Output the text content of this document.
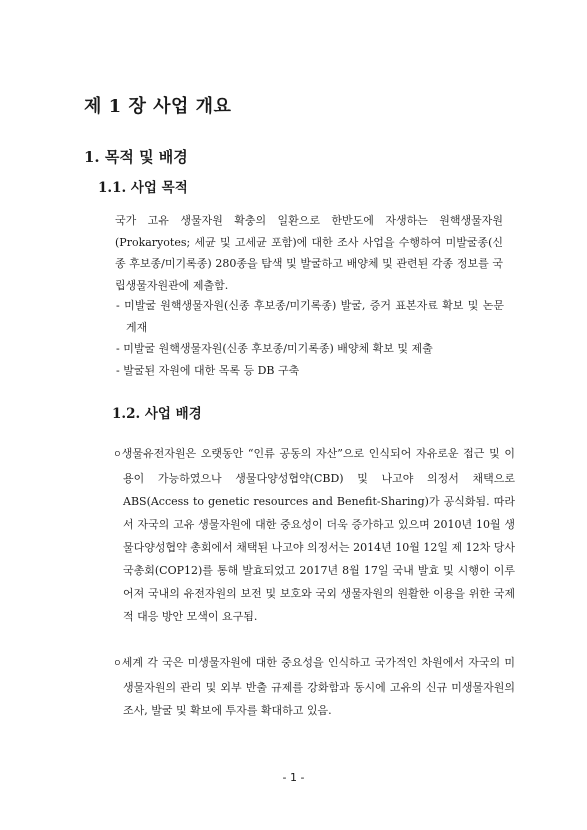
제 1 장 사업 개요
1. 목적 및 배경
1.1. 사업 목적

국가 고유 생물자원 확충의 일환으로 한반도에 자생하는 원핵생물자원(Prokaryotes; 세균 및 고세균 포함)에 대한 조사 사업을 수행하여 미발굴종(신종 후보종/미기록종) 280종을 탐색 및 발굴하고 배양체 및 관련된 각종 정보를 국립생물자원관에 제출함.

- 미발굴 원핵생물자원(신종 후보종/미기록종) 발굴, 증거 표본자료 확보 및 논문 게재
- 미발굴 원핵생물자원(신종 후보종/미기록종) 배양체 확보 및 제출
- 발굴된 자원에 대한 목록 등 DB 구축
1.2. 사업 배경

ㅇ생물유전자원은 오랫동안 “인류 공동의 자산”으로 인식되어 자유로운 접근 및 이용이 가능하였으나 생물다양성협약(CBD) 및 나고야 의정서 채택으로 ABS(Access to genetic resources and Benefit-Sharing)가 공식화됨. 따라서 자국의 고유 생물자원에 대한 중요성이 더욱 증가하고 있으며 2010년 10월 생물다양성협약 총회에서 채택된 나고야 의정서는 2014년 10월 12일 제 12차 당사국총회(COP12)를 통해 발효되었고 2017년 8월 17일 국내 발효 및 시행이 이루어져 국내의 유전자원의 보전 및 보호와 국외 생물자원의 원활한 이용을 위한 국제적 대응 방안 모색이 요구됨.

ㅇ세계 각 국은 미생물자원에 대한 중요성을 인식하고 국가적인 차원에서 자국의 미생물자원의 관리 및 외부 반출 규제를 강화함과 동시에 고유의 신규 미생물자원의 조사, 발굴 및 확보에 투자를 확대하고 있음.

- 1 -
